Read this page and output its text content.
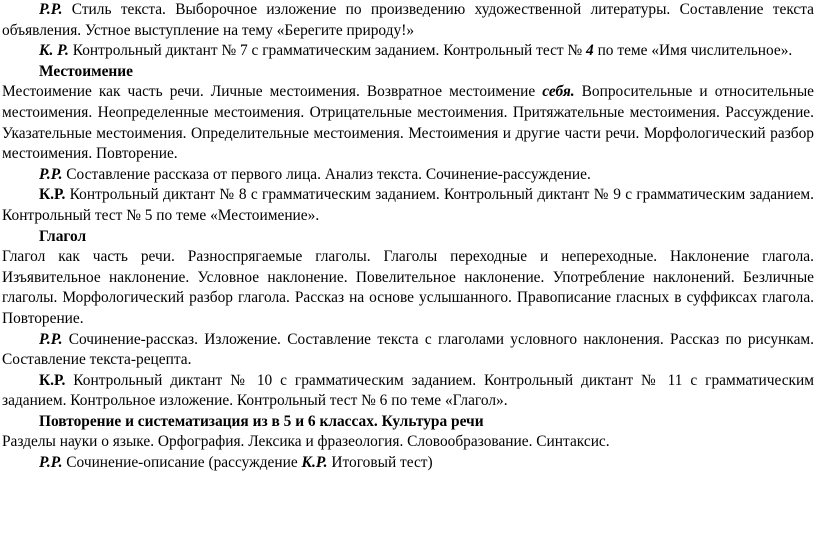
Р.Р. Стиль текста. Выборочное изложение по произведению художественной литературы. Составление текста объявления. Устное выступление на тему «Берегите природу!»

К. Р. Контрольный диктант № 7 с грамматическим заданием. Контрольный тест № 4 по теме «Имя числительное».

Местоимение

Местоимение как часть речи. Личные местоимения. Возвратное местоимение себя. Вопросительные и относительные местоимения. Неопределенные местоимения. Отрицательные местоимения. Притяжательные местоимения. Рассуждение. Указательные местоимения. Определительные местоимения. Местоимения и другие части речи. Морфологический разбор местоимения. Повторение.

Р.Р. Составление рассказа от первого лица. Анализ текста. Сочинение-рассуждение.

К.Р. Контрольный диктант № 8 с грамматическим заданием. Контрольный диктант № 9 с грамматическим заданием. Контрольный тест № 5 по теме «Местоимение».

Глагол

Глагол как часть речи. Разноспрягаемые глаголы. Глаголы переходные и непереходные. Наклонение глагола. Изъявительное наклонение. Условное наклонение. Повелительное наклонение. Употребление наклонений. Безличные глаголы. Морфологический разбор глагола. Рассказ на основе услышанного. Правописание гласных в суффиксах глагола. Повторение.

Р.Р. Сочинение-рассказ. Изложение. Составление текста с глаголами условного наклонения. Рассказ по рисункам. Составление текста-рецепта.

К.Р. Контрольный диктант № 10 с грамматическим заданием. Контрольный диктант № 11 с грамматическим заданием. Контрольное изложение. Контрольный тест № 6 по теме «Глагол».

Повторение и систематизация из в 5 и 6 классах. Культура речи

Разделы науки о языке. Орфография. Лексика и фразеология. Словообразование. Синтаксис.

Р.Р. Сочинение-описание (рассуждение К.Р. Итоговый тест)
